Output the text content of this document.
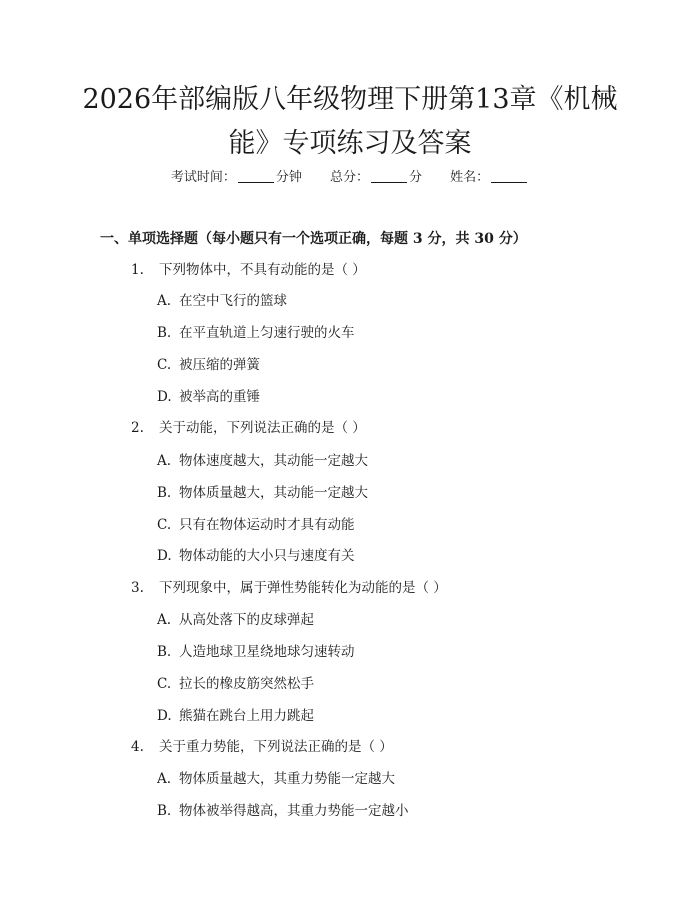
2026年部编版八年级物理下册第13章《机械能》专项练习及答案
考试时间：	分钟 总分：	分 姓名：
一、单项选择题（每小题只有一个选项正确，每题 3 分，共 30 分）
1. 下列物体中，不具有动能的是（ ）
A. 在空中飞行的篮球
B. 在平直轨道上匀速行驶的火车
C. 被压缩的弹簧
D. 被举高的重锤
2. 关于动能，下列说法正确的是（ ）
A. 物体速度越大，其动能一定越大
B. 物体质量越大，其动能一定越大
C. 只有在物体运动时才具有动能
D. 物体动能的大小只与速度有关
3. 下列现象中，属于弹性势能转化为动能的是（ ）
A. 从高处落下的皮球弹起
B. 人造地球卫星绕地球匀速转动
C. 拉长的橡皮筋突然松手
D. 熊猫在跳台上用力跳起
4. 关于重力势能，下列说法正确的是（ ）
A. 物体质量越大，其重力势能一定越大
B. 物体被举得越高，其重力势能一定越小
